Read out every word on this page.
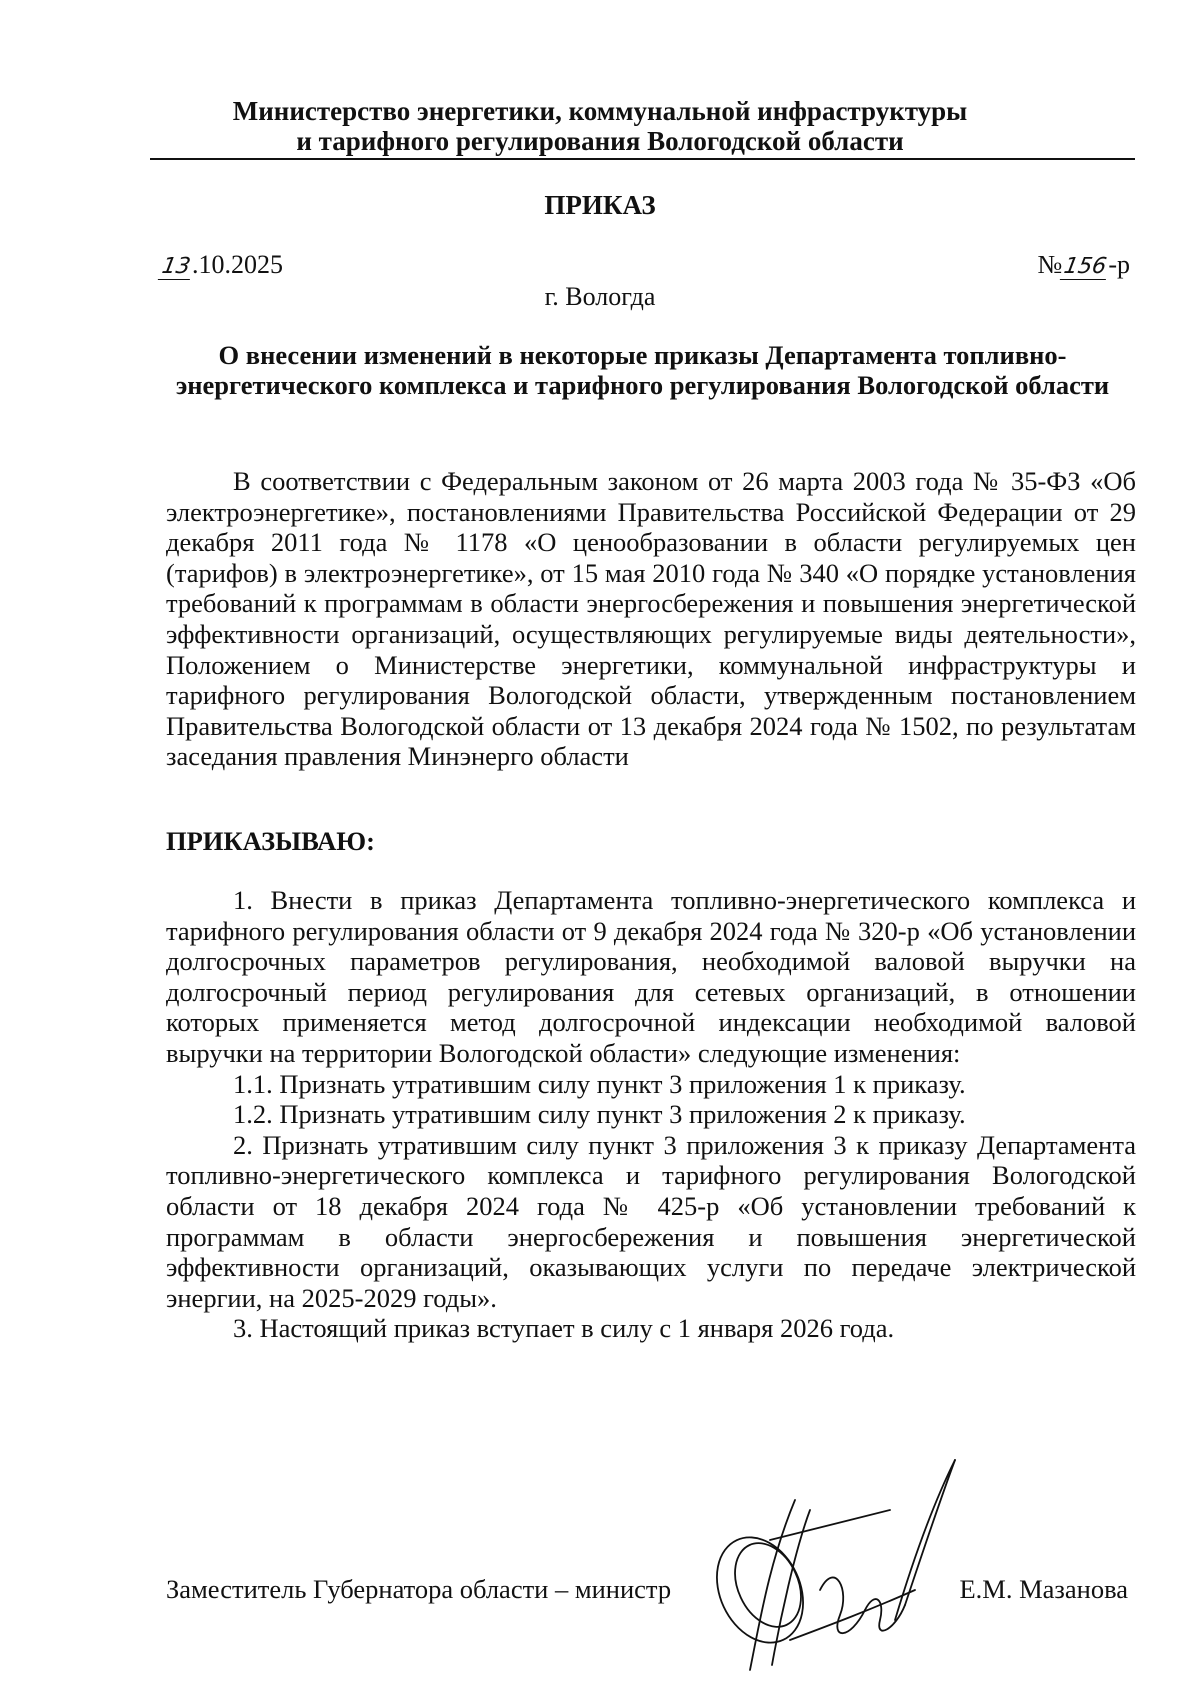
Министерство энергетики, коммунальной инфраструктуры
и тарифного регулирования Вологодской области
ПРИКАЗ
13.10.2025	№156-р
г. Вологда
О внесении изменений в некоторые приказы Департамента топливно-энергетического комплекса и тарифного регулирования Вологодской области
В соответствии с Федеральным законом от 26 марта 2003 года № 35-ФЗ «Об электроэнергетике», постановлениями Правительства Российской Федерации от 29 декабря 2011 года № 1178 «О ценообразовании в области регулируемых цен (тарифов) в электроэнергетике», от 15 мая 2010 года № 340 «О порядке установления требований к программам в области энергосбережения и повышения энергетической эффективности организаций, осуществляющих регулируемые виды деятельности», Положением о Министерстве энергетики, коммунальной инфраструктуры и тарифного регулирования Вологодской области, утвержденным постановлением Правительства Вологодской области от 13 декабря 2024 года № 1502, по результатам заседания правления Минэнерго области
ПРИКАЗЫВАЮ:
1. Внести в приказ Департамента топливно-энергетического комплекса и тарифного регулирования области от 9 декабря 2024 года № 320-р «Об установлении долгосрочных параметров регулирования, необходимой валовой выручки на долгосрочный период регулирования для сетевых организаций, в отношении которых применяется метод долгосрочной индексации необходимой валовой выручки на территории Вологодской области» следующие изменения:
1.1. Признать утратившим силу пункт 3 приложения 1 к приказу.
1.2. Признать утратившим силу пункт 3 приложения 2 к приказу.
2. Признать утратившим силу пункт 3 приложения 3 к приказу Департамента топливно-энергетического комплекса и тарифного регулирования Вологодской области от 18 декабря 2024 года № 425-р «Об установлении требований к программам в области энергосбережения и повышения энергетической эффективности организаций, оказывающих услуги по передаче электрической энергии, на 2025-2029 годы».
3. Настоящий приказ вступает в силу с 1 января 2026 года.
Заместитель Губернатора области – министр	Е.М. Мазанова
